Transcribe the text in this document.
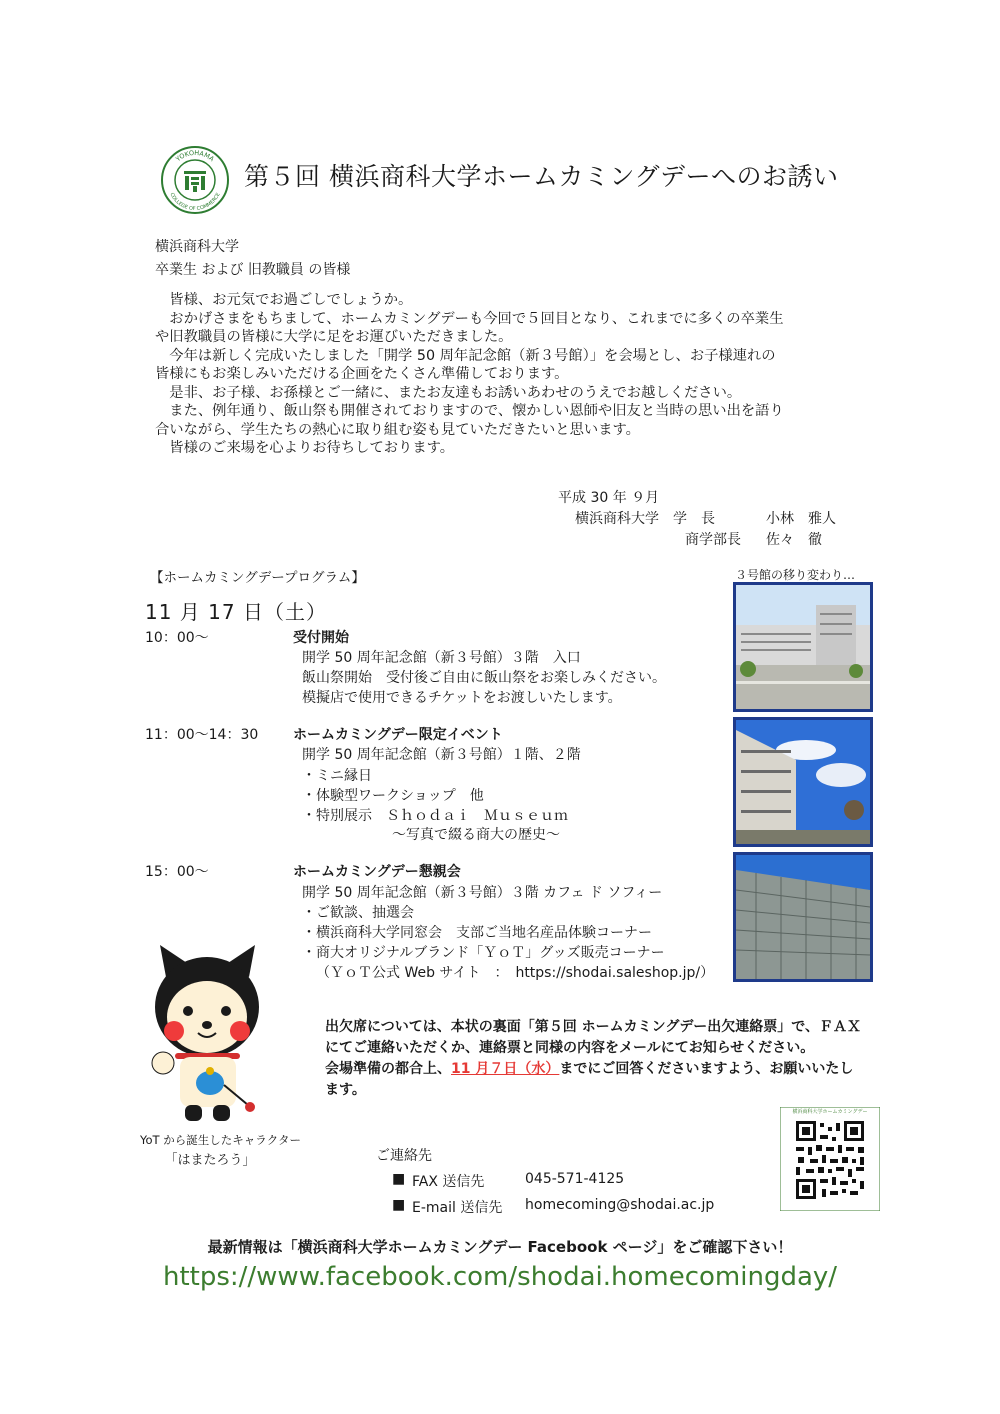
YOKOHAMA
COLLEGE OF COMMERCE
第５回 横浜商科大学ホームカミングデーへのお誘い
横浜商科大学
卒業生 および 旧教職員 の皆様

皆様、お元気でお過ごしでしょうか。

おかげさまをもちまして、ホームカミングデーも今回で５回目となり、これまでに多くの卒業生

や旧教職員の皆様に大学に足をお運びいただきました。

今年は新しく完成いたしました「開学 50 周年記念館（新３号館）」を会場とし、お子様連れの

皆様にもお楽しみいただける企画をたくさん準備しております。

是非、お子様、お孫様とご一緒に、またお友達もお誘いあわせのうえでお越しください。

また、例年通り、飯山祭も開催されておりますので、懐かしい恩師や旧友と当時の思い出を語り

合いながら、学生たちの熱心に取り組む姿も見ていただきたいと思います。

皆様のご来場を心よりお待ちしております。

平成 30 年 ９月
横浜商科大学　学　長	小林　雅人
商学部長 佐々　徹
【ホームカミングデープログラム】	３号館の移り変わり…
11 月 17 日（土）
10：00～	受付開始
開学 50 周年記念館（新３号館）３階　入口
飯山祭開始　受付後ご自由に飯山祭をお楽しみください。
模擬店で使用できるチケットをお渡しいたします。
11：00～14：30 ホームカミングデー限定イベント
開学 50 周年記念館（新３号館）１階、２階
・ミニ縁日
・体験型ワークショップ　他
・特別展示　Ｓｈｏｄａｉ　Ｍｕｓｅｕｍ
～写真で綴る商大の歴史～
15：00～	ホームカミングデー懇親会
開学 50 周年記念館（新３号館）３階 カフェ ド ソフィー
・ご歓談、抽選会
・横浜商科大学同窓会　支部ご当地名産品体験コーナー
・商大オリジナルブランド「ＹｏＴ」グッズ販売コーナー
（ＹｏＴ公式 Web サイト　：　https://shodai.saleshop.jp/）
YoT から誕生したキャラクター
「はまたろう」
出欠席については、本状の裏面「第５回 ホームカミングデー出欠連絡票」で、ＦＡＸにてご連絡いただくか、連絡票と同様の内容をメールにてお知らせください。
会場準備の都合上、11 月７日（水）までにご回答くださいますよう、お願いいたします。
ご連絡先
■ FAX 送信先	045-571-4125
■ E-mail 送信先 homecoming@shodai.ac.jp
横浜商科大学ホームカミングデー
最新情報は「横浜商科大学ホームカミングデー Facebook ページ」をご確認下さい！
https://www.facebook.com/shodai.homecomingday/
